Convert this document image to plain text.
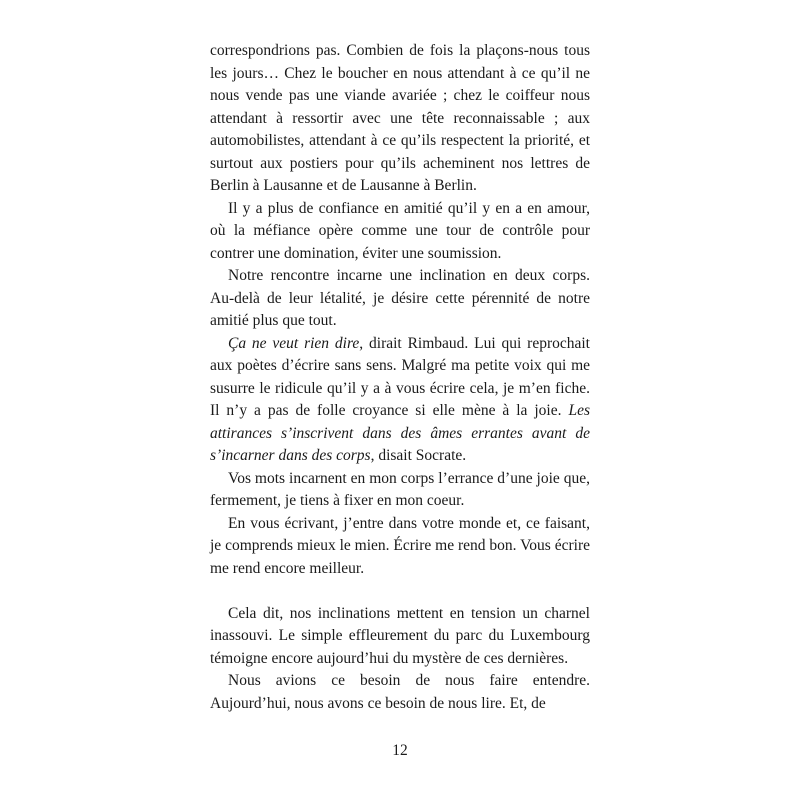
correspondrions pas. Combien de fois la plaçons-nous tous les jours… Chez le boucher en nous attendant à ce qu’il ne nous vende pas une viande avariée ; chez le coiffeur nous attendant à ressortir avec une tête reconnaissable ; aux automobilistes, attendant à ce qu’ils respectent la priorité, et surtout aux postiers pour qu’ils acheminent nos lettres de Berlin à Lausanne et de Lausanne à Berlin.

Il y a plus de confiance en amitié qu’il y en a en amour, où la méfiance opère comme une tour de contrôle pour contrer une domination, éviter une soumission.

Notre rencontre incarne une inclination en deux corps. Au-delà de leur létalité, je désire cette pérennité de notre amitié plus que tout.

Ça ne veut rien dire, dirait Rimbaud. Lui qui reprochait aux poètes d’écrire sans sens. Malgré ma petite voix qui me susurre le ridicule qu’il y a à vous écrire cela, je m’en fiche. Il n’y a pas de folle croyance si elle mène à la joie. Les attirances s’inscrivent dans des âmes errantes avant de s’incarner dans des corps, disait Socrate.

Vos mots incarnent en mon corps l’errance d’une joie que, fermement, je tiens à fixer en mon coeur.

En vous écrivant, j’entre dans votre monde et, ce faisant, je comprends mieux le mien. Écrire me rend bon. Vous écrire me rend encore meilleur.

Cela dit, nos inclinations mettent en tension un charnel inassouvi. Le simple effleurement du parc du Luxembourg témoigne encore aujourd’hui du mystère de ces dernières.

Nous avions ce besoin de nous faire entendre. Aujourd’hui, nous avons ce besoin de nous lire. Et, de

12
